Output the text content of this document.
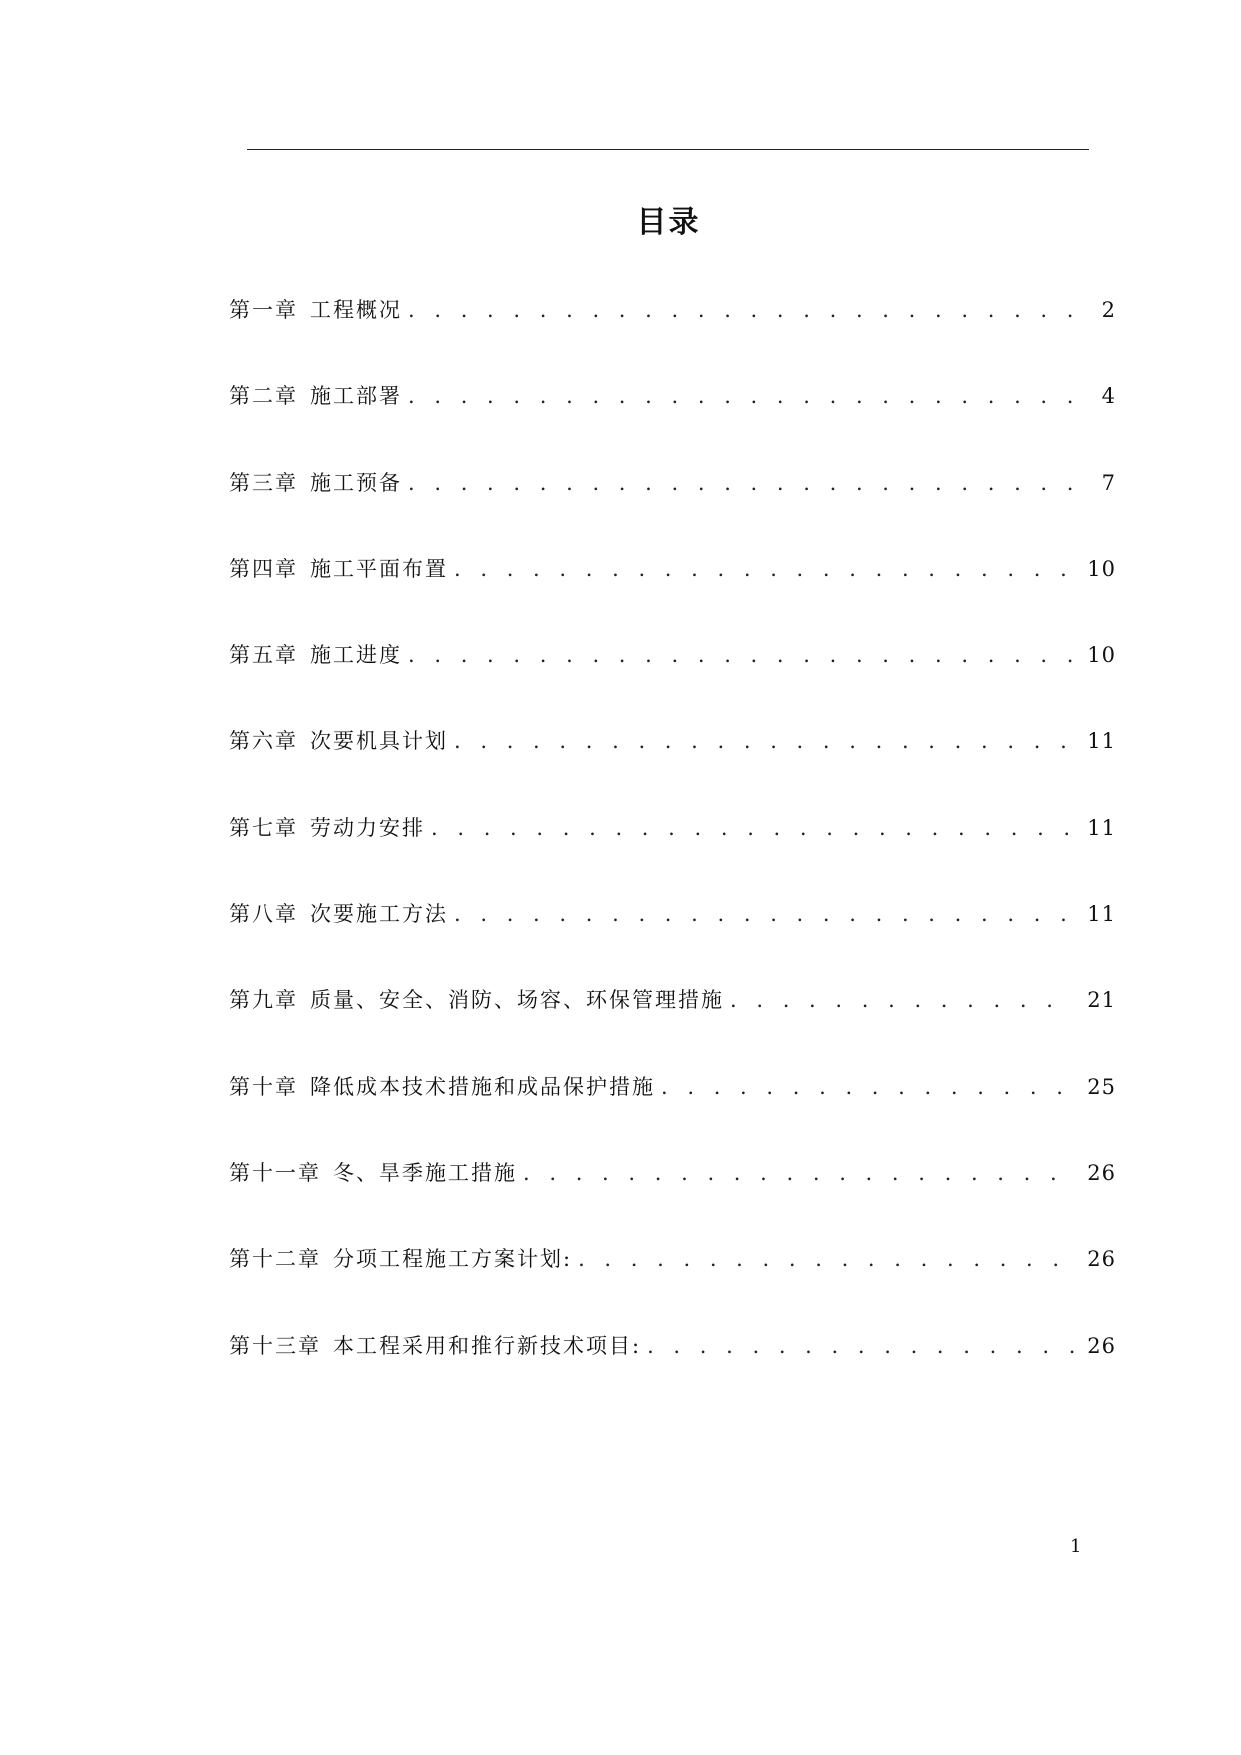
目录
第一章 工程概况 . . .	2
第二章 施工部署 . . .	4
第三章 施工预备 . . .	7
第四章 施工平面布置 . . .	10
第五章 施工进度 . . .	10
第六章 次要机具计划 . . .	11
第七章 劳动力安排 . . .	11
第八章 次要施工方法 . . .	11
第九章 质量、安全、消防、场容、环保管理措施 . . .	21
第十章 降低成本技术措施和成品保护措施 . . .	25
第十一章 冬、旱季施工措施 . . .	26
第十二章 分项工程施工方案计划: . . .	26
第十三章 本工程采用和推行新技术项目: . . .	26
1
